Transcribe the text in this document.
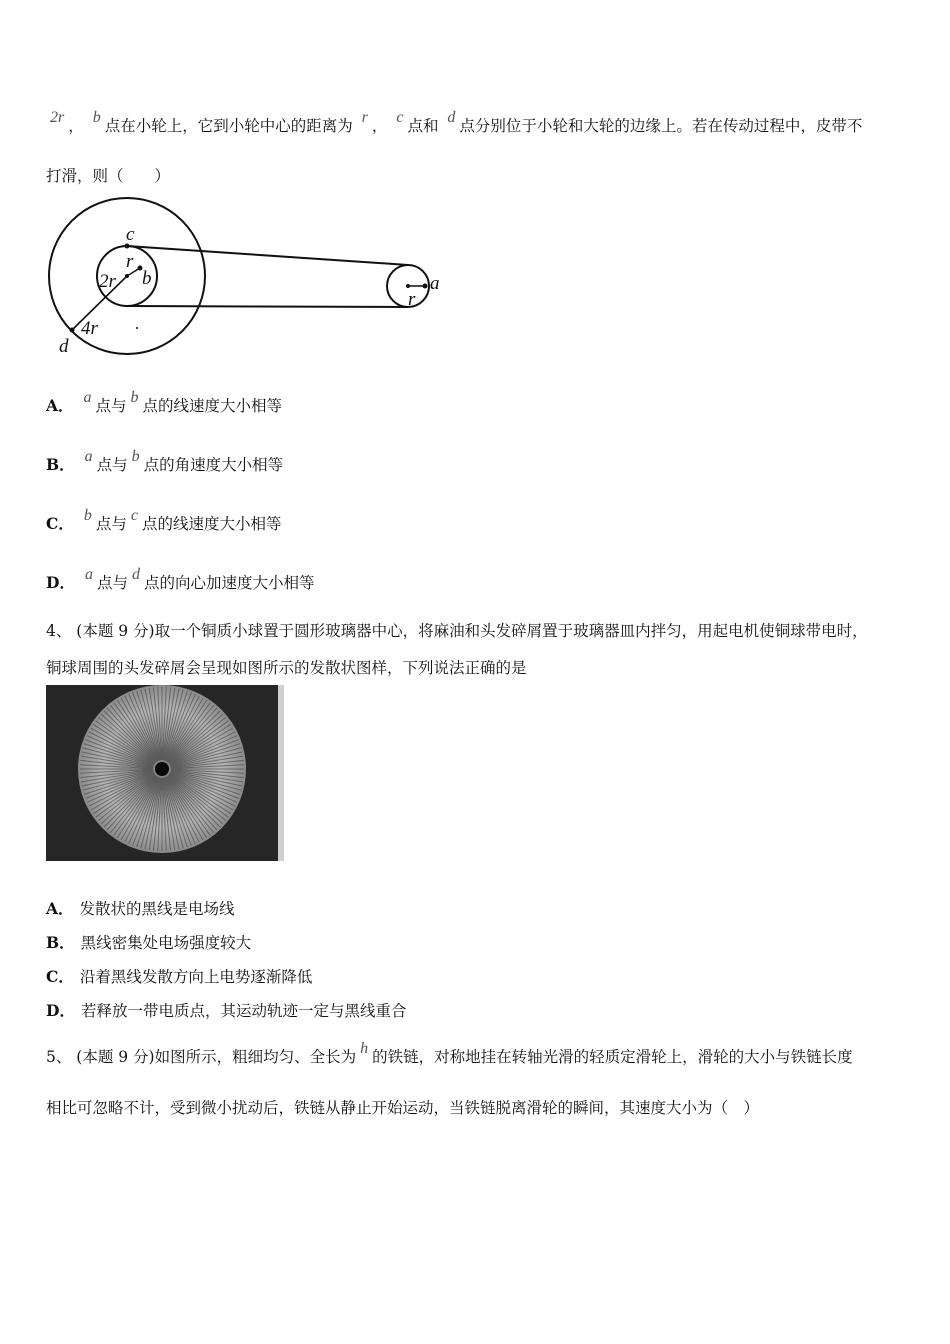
2r ， b 点在小轮上，它到小轮中心的距离为 r ， c 点和 d 点分别位于小轮和大轮的边缘上。若在传动过程中，皮带不
打滑，则（　　）
c
r
2r b
r
a
4r
d
A． a 点与 b 点的线速度大小相等
B． a 点与 b 点的角速度大小相等
C． b 点与 c 点的线速度大小相等
D． a 点与 d 点的向心加速度大小相等
4、 (本题 9 分)取一个铜质小球置于圆形玻璃器中心，将麻油和头发碎屑置于玻璃器皿内拌匀，用起电机使铜球带电时，
铜球周围的头发碎屑会呈现如图所示的发散状图样，下列说法正确的是
A． 发散状的黑线是电场线
B． 黑线密集处电场强度较大
C． 沿着黑线发散方向上电势逐渐降低
D． 若释放一带电质点，其运动轨迹一定与黑线重合
5、 (本题 9 分)如图所示，粗细均匀、全长为 h 的铁链，对称地挂在转轴光滑的轻质定滑轮上，滑轮的大小与铁链长度
相比可忽略不计，受到微小扰动后，铁链从静止开始运动，当铁链脱离滑轮的瞬间，其速度大小为（　）
